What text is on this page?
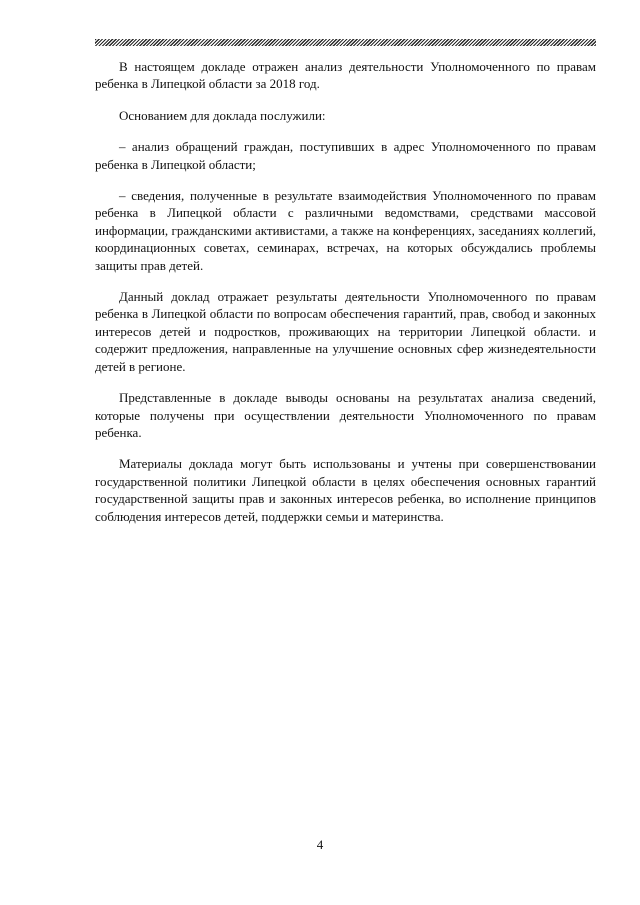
В настоящем докладе отражен анализ деятельности Уполномоченного по правам ребенка в Липецкой области за 2018 год.

Основанием для доклада послужили:

– анализ обращений граждан, поступивших в адрес Уполномоченного по правам ребенка в Липецкой области;

– сведения, полученные в результате взаимодействия Уполномоченного по правам ребенка в Липецкой области с различными ведомствами, средствами массовой информации, гражданскими активистами, а также на конференциях, заседаниях коллегий, координационных советах, семинарах, встречах, на которых обсуждались проблемы защиты прав детей.

Данный доклад отражает результаты деятельности Уполномоченного по правам ребенка в Липецкой области по вопросам обеспечения гарантий, прав, свобод и законных интересов детей и подростков, проживающих на территории Липецкой области. и содержит предложения, направленные на улучшение основных сфер жизнедеятельности детей в регионе.

Представленные в докладе выводы основаны на результатах анализа сведений, которые получены при осуществлении деятельности Уполномоченного по правам ребенка.

Материалы доклада могут быть использованы и учтены при совершенствовании государственной политики Липецкой области в целях обеспечения основных гарантий государственной защиты прав и законных интересов ребенка, во исполнение принципов соблюдения интересов детей, поддержки семьи и материнства.

4
